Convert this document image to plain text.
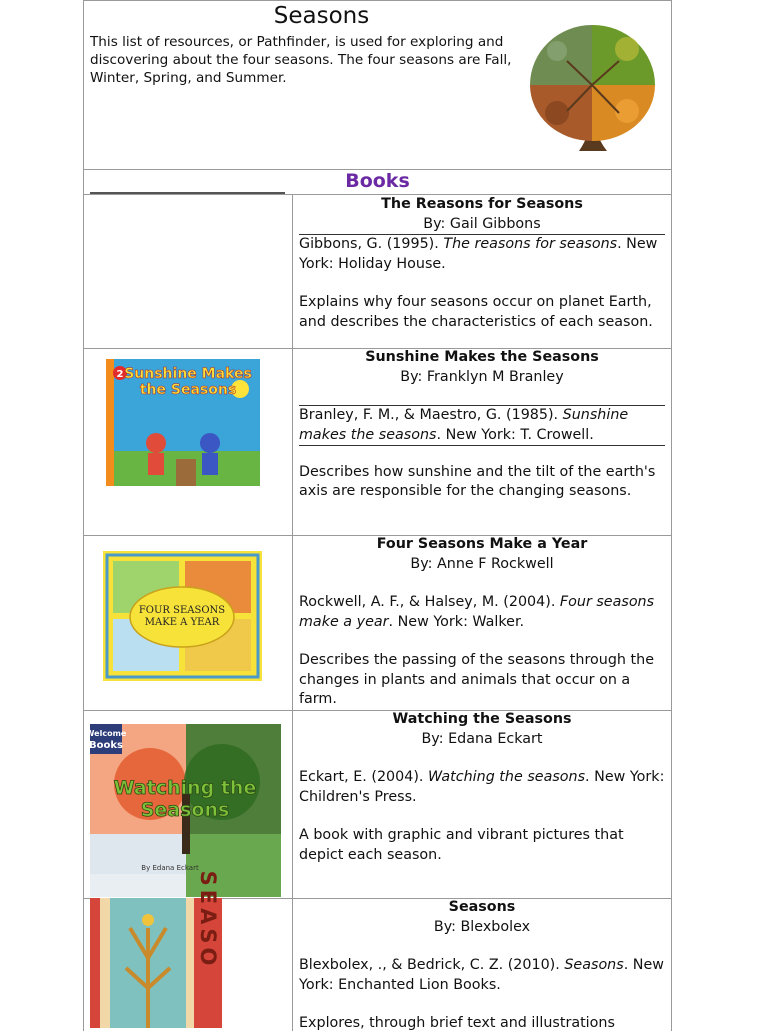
Seasons
This list of resources, or Pathfinder, is used for exploring and discovering about the four seasons. The four seasons are Fall, Winter, Spring, and Summer.
Books
The Reasons for Seasons
By: Gail Gibbons
Gibbons, G. (1995). The reasons for seasons. New York: Holiday House.
Explains why four seasons occur on planet Earth, and describes the characteristics of each season.
2 Sunshine Makes
the Seasons
Sunshine Makes the Seasons
By: Franklyn M Branley
Branley, F. M., & Maestro, G. (1985). Sunshine makes the seasons. New York: T. Crowell.
Describes how sunshine and the tilt of the earth's axis are responsible for the changing seasons.
FOUR SEASONS
MAKE A YEAR
Four Seasons Make a Year
By: Anne F Rockwell
Rockwell, A. F., & Halsey, M. (2004). Four seasons make a year. New York: Walker.
Describes the passing of the seasons through the changes in plants and animals that occur on a farm.
Welcome
Books
Watching the
Seasons
By Edana Eckart
Watching the Seasons
By: Edana Eckart
Eckart, E. (2004). Watching the seasons. New York: Children's Press.
A book with graphic and vibrant pictures that depict each season.
SEASO	Seasons
By: Blexbolex
Blexbolex, ., & Bedrick, C. Z. (2010). Seasons. New York: Enchanted Lion Books.
Explores, through brief text and illustrations
